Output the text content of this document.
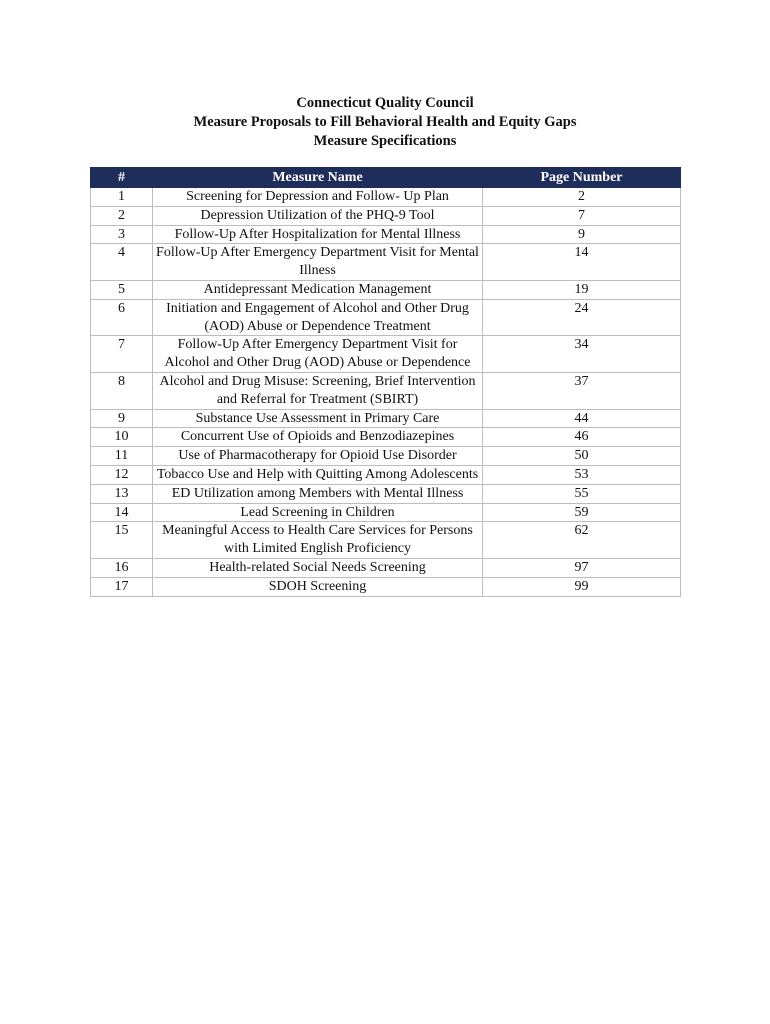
Connecticut Quality Council
Measure Proposals to Fill Behavioral Health and Equity Gaps
Measure Specifications
#	Measure Name	Page Number
1	Screening for Depression and Follow- Up Plan	2
2	Depression Utilization of the PHQ-9 Tool	7
3	Follow-Up After Hospitalization for Mental Illness	9
4	Follow-Up After Emergency Department Visit for Mental Illness	14
5	Antidepressant Medication Management	19
6	Initiation and Engagement of Alcohol and Other Drug (AOD) Abuse or Dependence Treatment	24
7	Follow-Up After Emergency Department Visit for Alcohol and Other Drug (AOD) Abuse or Dependence	34
8	Alcohol and Drug Misuse: Screening, Brief Intervention and Referral for Treatment (SBIRT)	37
9	Substance Use Assessment in Primary Care	44
10	Concurrent Use of Opioids and Benzodiazepines	46
11	Use of Pharmacotherapy for Opioid Use Disorder	50
12	Tobacco Use and Help with Quitting Among Adolescents	53
13	ED Utilization among Members with Mental Illness	55
14	Lead Screening in Children	59
15	Meaningful Access to Health Care Services for Persons with Limited English Proficiency	62
16	Health-related Social Needs Screening	97
17	SDOH Screening	99
